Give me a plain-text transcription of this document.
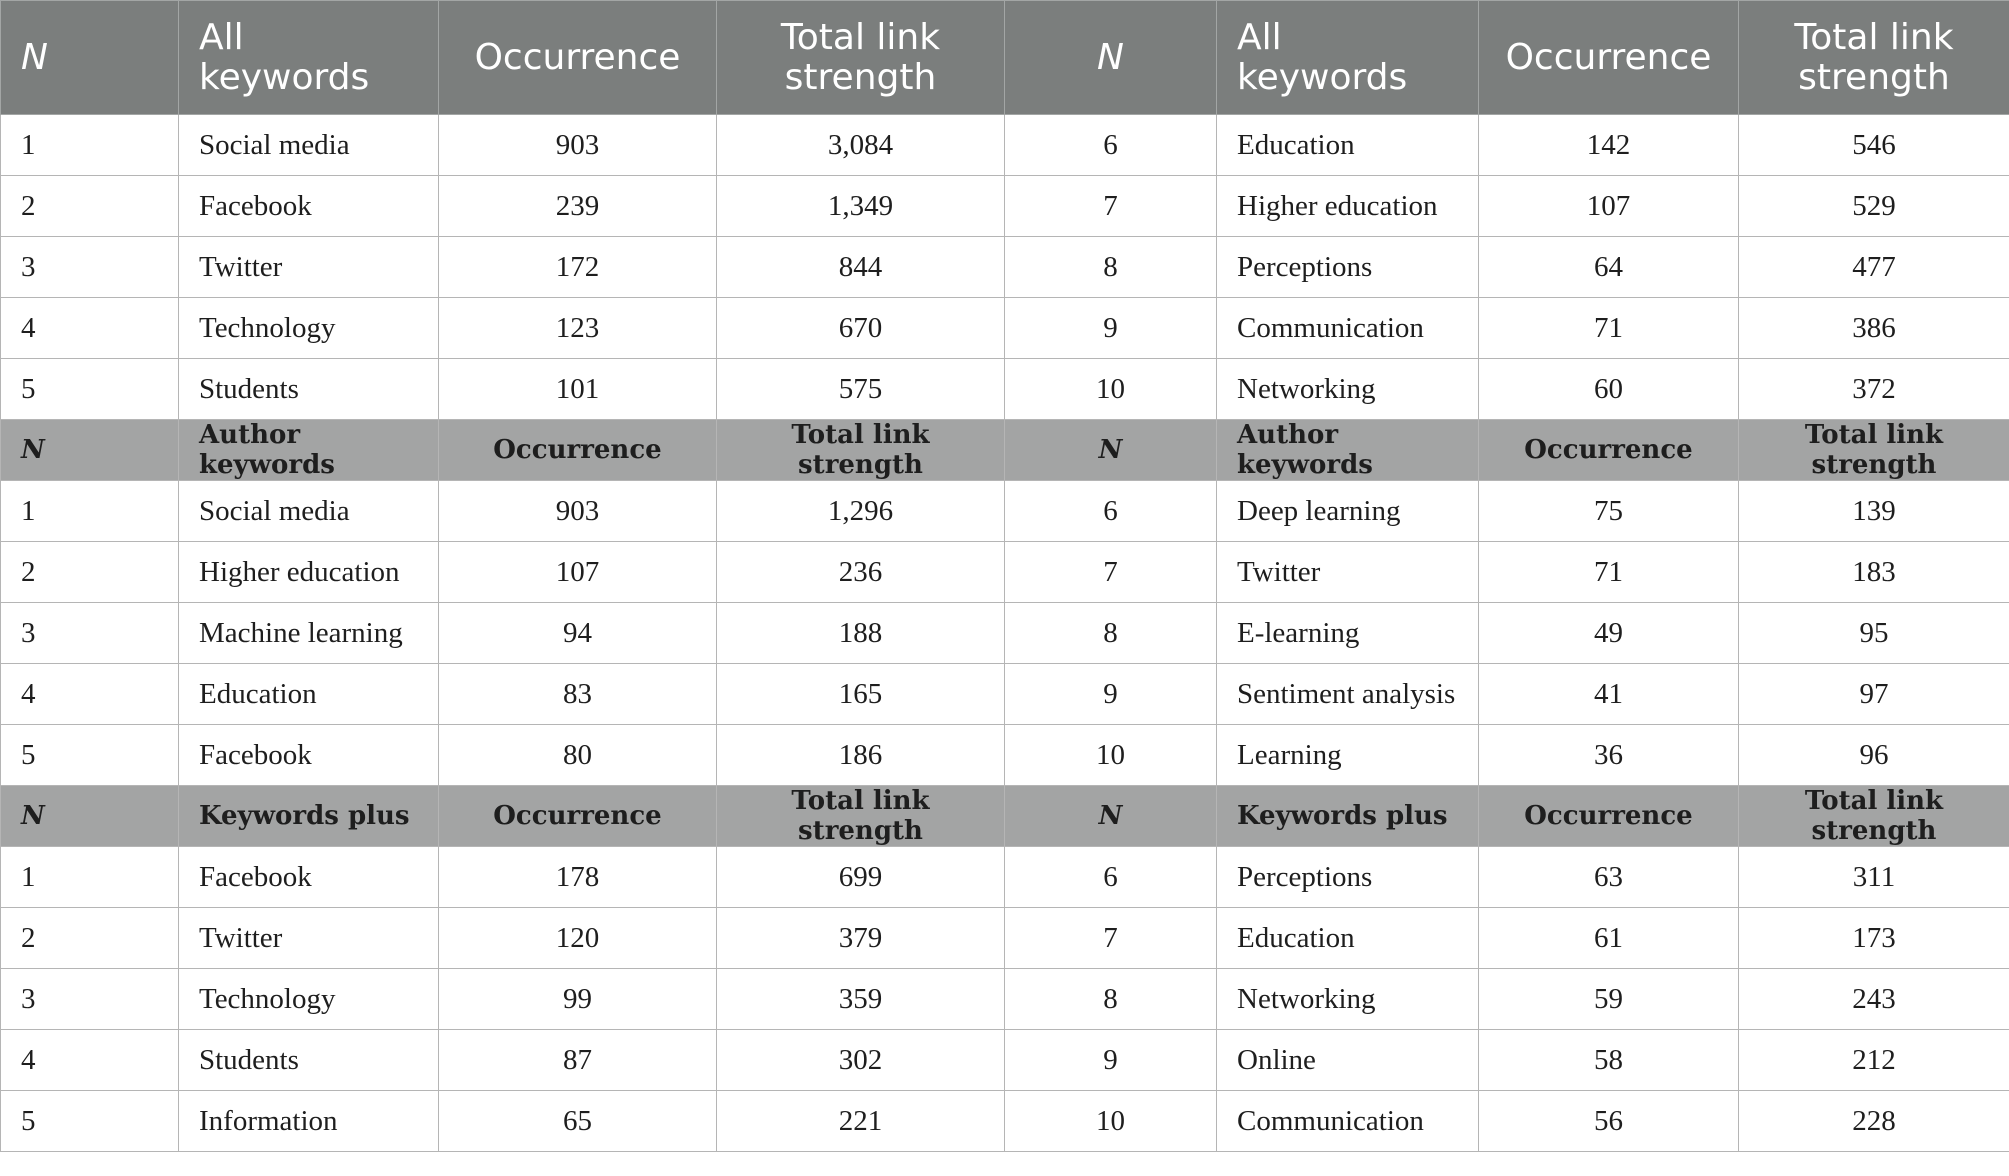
N	All keywords	Occurrence	Total link strength	N	All keywords	Occurrence	Total link strength
1	Social media	903	3,084	6	Education	142	546
2	Facebook	239	1,349	7	Higher education	107	529
3	Twitter	172	844	8	Perceptions	64	477
4	Technology	123	670	9	Communication	71	386
5	Students	101	575	10	Networking	60	372
N	Author keywords	Occurrence	Total link strength	N	Author keywords	Occurrence	Total link strength
1	Social media	903	1,296	6	Deep learning	75	139
2	Higher education	107	236	7	Twitter	71	183
3	Machine learning	94	188	8	E-learning	49	95
4	Education	83	165	9	Sentiment analysis	41	97
5	Facebook	80	186	10	Learning	36	96
N	Keywords plus	Occurrence	Total link strength	N	Keywords plus	Occurrence	Total link strength
1	Facebook	178	699	6	Perceptions	63	311
2	Twitter	120	379	7	Education	61	173
3	Technology	99	359	8	Networking	59	243
4	Students	87	302	9	Online	58	212
5	Information	65	221	10	Communication	56	228
